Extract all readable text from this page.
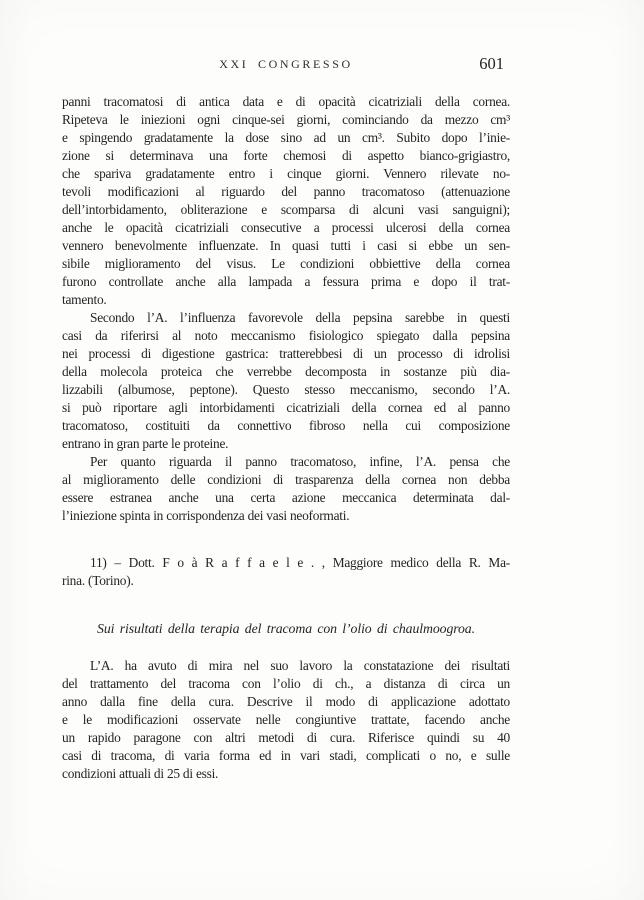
XXI CONGRESSO	601

panni tracomatosi di antica data e di opacità cicatriziali della cornea.
Ripeteva le iniezioni ogni cinque-sei giorni, cominciando da mezzo cm³
e spingendo gradatamente la dose sino ad un cm³. Subito dopo l’inie-
zione si determinava una forte chemosi di aspetto bianco-grigiastro,
che spariva gradatamente entro i cinque giorni. Vennero rilevate no-
tevoli modificazioni al riguardo del panno tracomatoso (attenuazione
dell’intorbidamento, obliterazione e scomparsa di alcuni vasi sanguigni);
anche le opacità cicatriziali consecutive a processi ulcerosi della cornea
vennero benevolmente influenzate. In quasi tutti i casi si ebbe un sen-
sibile miglioramento del visus. Le condizioni obbiettive della cornea
furono controllate anche alla lampada a fessura prima e dopo il trat-
tamento.

Secondo l’A. l’influenza favorevole della pepsina sarebbe in questi
casi da riferirsi al noto meccanismo fisiologico spiegato dalla pepsina
nei processi di digestione gastrica: tratterebbesi di un processo di idrolisi
della molecola proteica che verrebbe decomposta in sostanze più dia-
lizzabili (albumose, peptone). Questo stesso meccanismo, secondo l’A.
si può riportare agli intorbidamenti cicatriziali della cornea ed al panno
tracomatoso, costituiti da connettivo fibroso nella cui composizione
entrano in gran parte le proteine.

Per quanto riguarda il panno tracomatoso, infine, l’A. pensa che
al miglioramento delle condizioni di trasparenza della cornea non debba
essere estranea anche una certa azione meccanica determinata dal-
l’iniezione spinta in corrispondenza dei vasi neoformati.

11) – Dott. F o à R a f f a e l e . , Maggiore medico della R. Ma-
rina. (Torino).

Sui risultati della terapia del tracoma con l’olio di chaulmoogroa.

L’A. ha avuto di mira nel suo lavoro la constatazione dei risultati
del trattamento del tracoma con l’olio di ch., a distanza di circa un
anno dalla fine della cura. Descrive il modo di applicazione adottato
e le modificazioni osservate nelle congiuntive trattate, facendo anche
un rapido paragone con altri metodi di cura. Riferisce quindi su 40
casi di tracoma, di varia forma ed in vari stadi, complicati o no, e sulle
condizioni attuali di 25 di essi.
